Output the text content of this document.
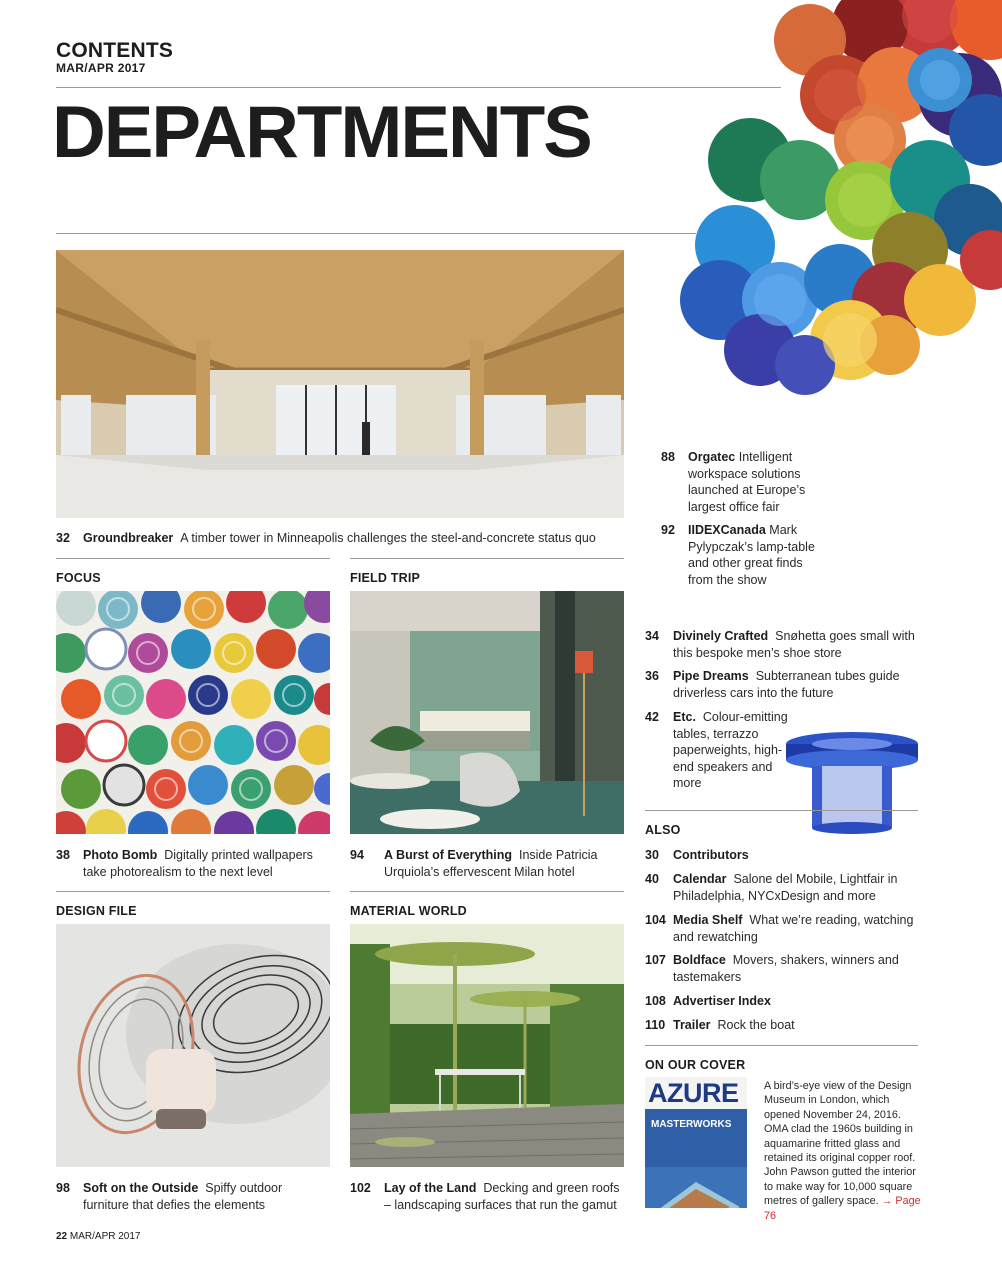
CONTENTS
MAR/APR 2017
DEPARTMENTS
88 Orgatec Intelligent workspace solutions launched at Europe’s largest office fair
92 IIDEXCanada Mark Pylypczak’s lamp-table and other great finds from the show
32 Groundbreaker A timber tower in Minneapolis challenges the steel-and-concrete status quo
FOCUS
38 Photo Bomb Digitally printed wallpapers take photorealism to the next level
FIELD TRIP
94 A Burst of Everything Inside Patricia Urquiola’s effervescent Milan hotel
DESIGN FILE
98 Soft on the Outside Spiffy outdoor furniture that defies the elements
MATERIAL WORLD
102 Lay of the Land Decking and green roofs – landscaping surfaces that run the gamut
34 Divinely Crafted Snøhetta goes small with this bespoke men’s shoe store
36 Pipe Dreams Subterranean tubes guide driverless cars into the future
42 Etc. Colour-emitting tables, terrazzo paperweights, high-end speakers and more
ALSO
30 Contributors
40 Calendar Salone del Mobile, Lightfair in Philadelphia, NYCxDesign and more
104 Media Shelf What we’re reading, watching and rewatching
107 Boldface Movers, shakers, winners and tastemakers
108 Advertiser Index
110 Trailer Rock the boat
ON OUR COVER
AZURE
MASTERWORKS
A bird’s-eye view of the Design Museum in London, which opened November 24, 2016. OMA clad the 1960s building in aquamarine fritted glass and retained its original copper roof. John Pawson gutted the interior to make way for 10,000 square metres of gallery space. → Page 76
22 MAR/APR 2017
